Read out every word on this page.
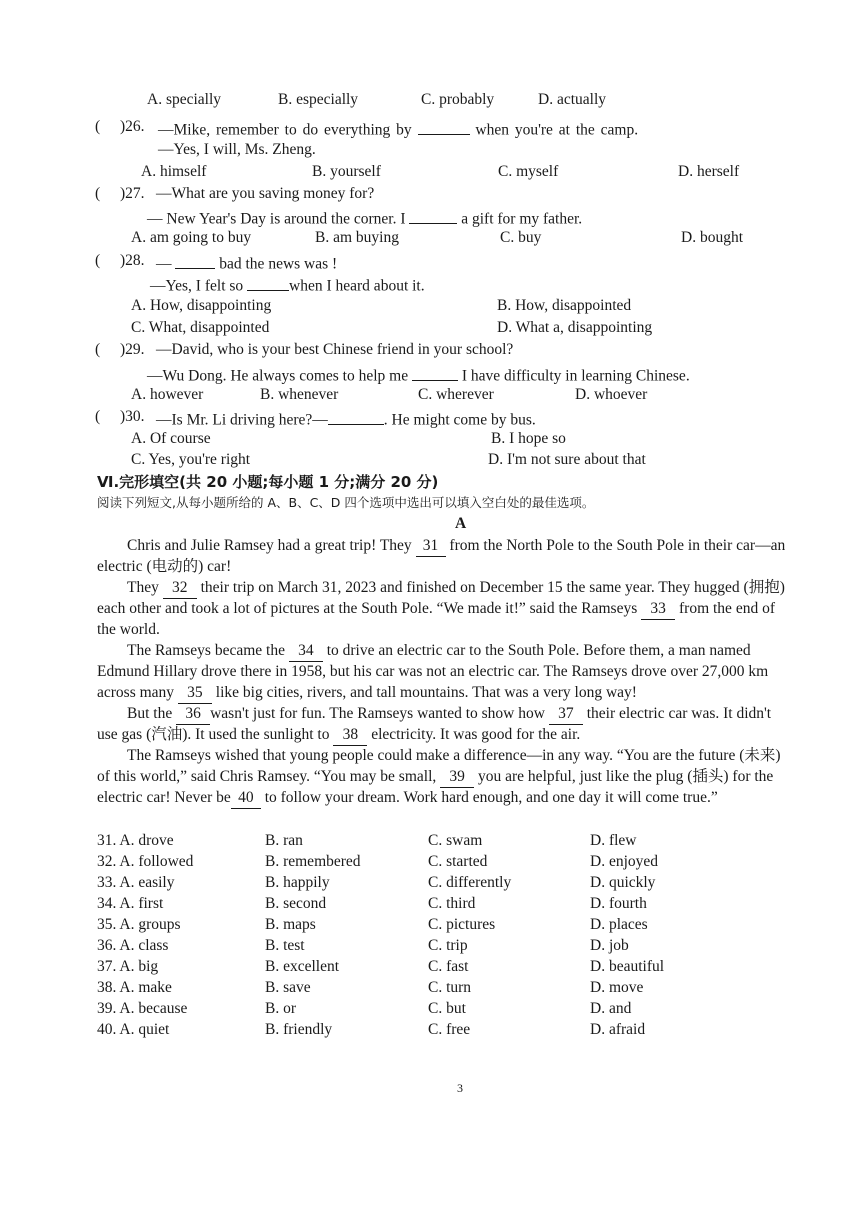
A. specially	B. especially	C. probably	D. actually
( )26. —Mike, remember to do everything by	when you're at the camp.
—Yes, I will, Ms. Zheng.
A. himself	B. yourself	C. myself	D. herself
( )27. —What are you saving money for?
— New Year's Day is around the corner. I	a gift for my father.
A. am going to buy	B. am buying	C. buy	D. bought
( )28. —	bad the news was !
—Yes, I felt so	when I heard about it.
A. How, disappointing	B. How, disappointed
C. What, disappointed	D. What a, disappointing
( )29. —David, who is your best Chinese friend in your school?
—Wu Dong. He always comes to help me	I have difficulty in learning Chinese.
A. however	B. whenever	C. wherever	D. whoever
( )30. —Is Mr. Li driving here?—	. He might come by bus.
A. Of course	B. I hope so
C. Yes, you're right	D. I'm not sure about that
Ⅵ.完形填空(共 20 小题;每小题 1 分;满分 20 分)
阅读下列短文,从每小题所给的 A、B、C、D 四个选项中选出可以填入空白处的最佳选项。
A
Chris and Julie Ramsey had a great trip! They 31 from the North Pole to the South Pole in their car—an
electric (电动的) car!
They 32 their trip on March 31, 2023 and finished on December 15 the same year. They hugged (拥抱)
each other and took a lot of pictures at the South Pole. “We made it!” said the Ramseys 33 from the end of
the world.
The Ramseys became the 34 to drive an electric car to the South Pole. Before them, a man named
Edmund Hillary drove there in 1958, but his car was not an electric car. The Ramseys drove over 27,000 km
across many 35 like big cities, rivers, and tall mountains. That was a very long way!
But the 36 wasn't just for fun. The Ramseys wanted to show how 37 their electric car was. It didn't
use gas (汽油). It used the sunlight to 38 electricity. It was good for the air.
The Ramseys wished that young people could make a difference—in any way. “You are the future (未来)
of this world,” said Chris Ramsey. “You may be small, 39 you are helpful, just like the plug (插头) for the
electric car! Never be 40 to follow your dream. Work hard enough, and one day it will come true.”
31. A. drove	B. ran	C. swam	D. flew
32. A. followed	B. remembered	C. started	D. enjoyed
33. A. easily	B. happily	C. differently	D. quickly
34. A. first	B. second	C. third	D. fourth
35. A. groups	B. maps	C. pictures	D. places
36. A. class	B. test	C. trip	D. job
37. A. big	B. excellent	C. fast	D. beautiful
38. A. make	B. save	C. turn	D. move
39. A. because	B. or	C. but	D. and
40. A. quiet	B. friendly	C. free	D. afraid
3
